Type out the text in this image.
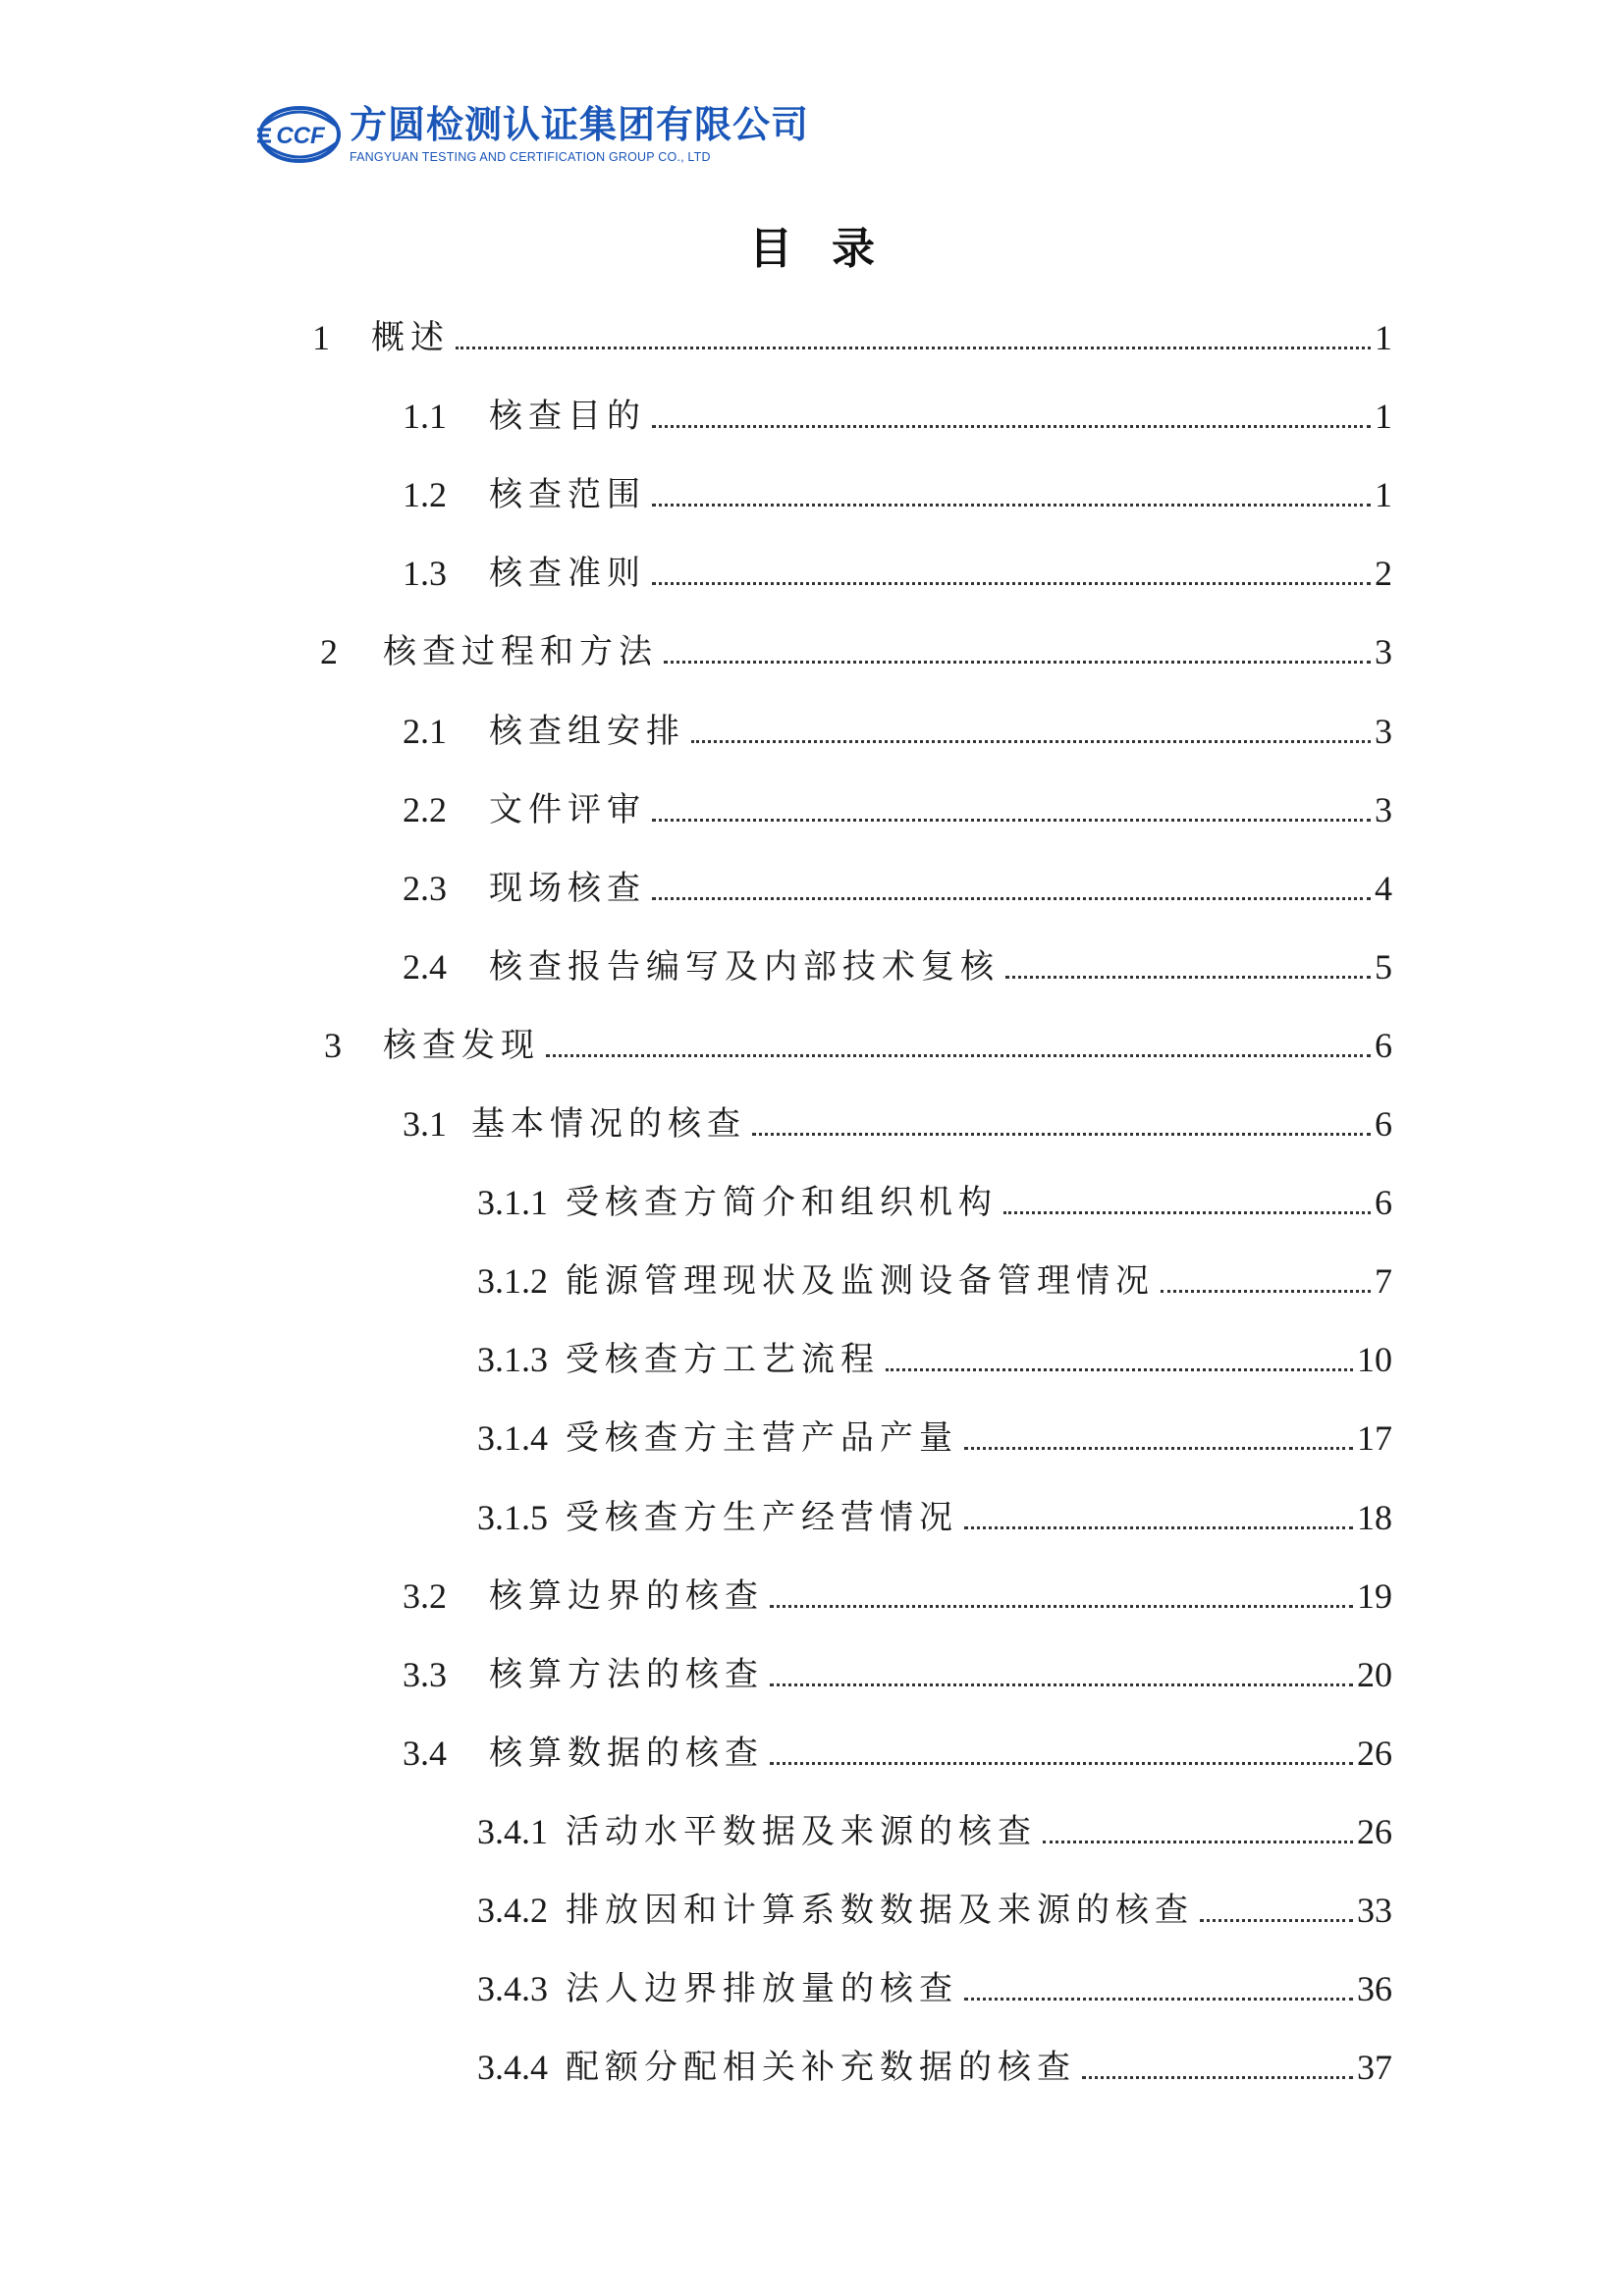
CCF 方圆检测认证集团有限公司
FANGYUAN TESTING AND CERTIFICATION GROUP CO., LTD
目录
1	概述	1
1.1	核查目的	1
1.2	核查范围	1
1.3	核查准则	2
2	核查过程和方法	3
2.1	核查组安排	3
2.2	文件评审	3
2.3	现场核查	4
2.4	核查报告编写及内部技术复核	5
3	核查发现	6
3.1 基本情况的核查	6
3.1.1 受核查方简介和组织机构	6
3.1.2 能源管理现状及监测设备管理情况	7
3.1.3 受核查方工艺流程	10
3.1.4 受核查方主营产品产量	17
3.1.5 受核查方生产经营情况	18
3.2	核算边界的核查	19
3.3	核算方法的核查	20
3.4	核算数据的核查	26
3.4.1 活动水平数据及来源的核查	26
3.4.2 排放因和计算系数数据及来源的核查	33
3.4.3 法人边界排放量的核查	36
3.4.4 配额分配相关补充数据的核查	37
